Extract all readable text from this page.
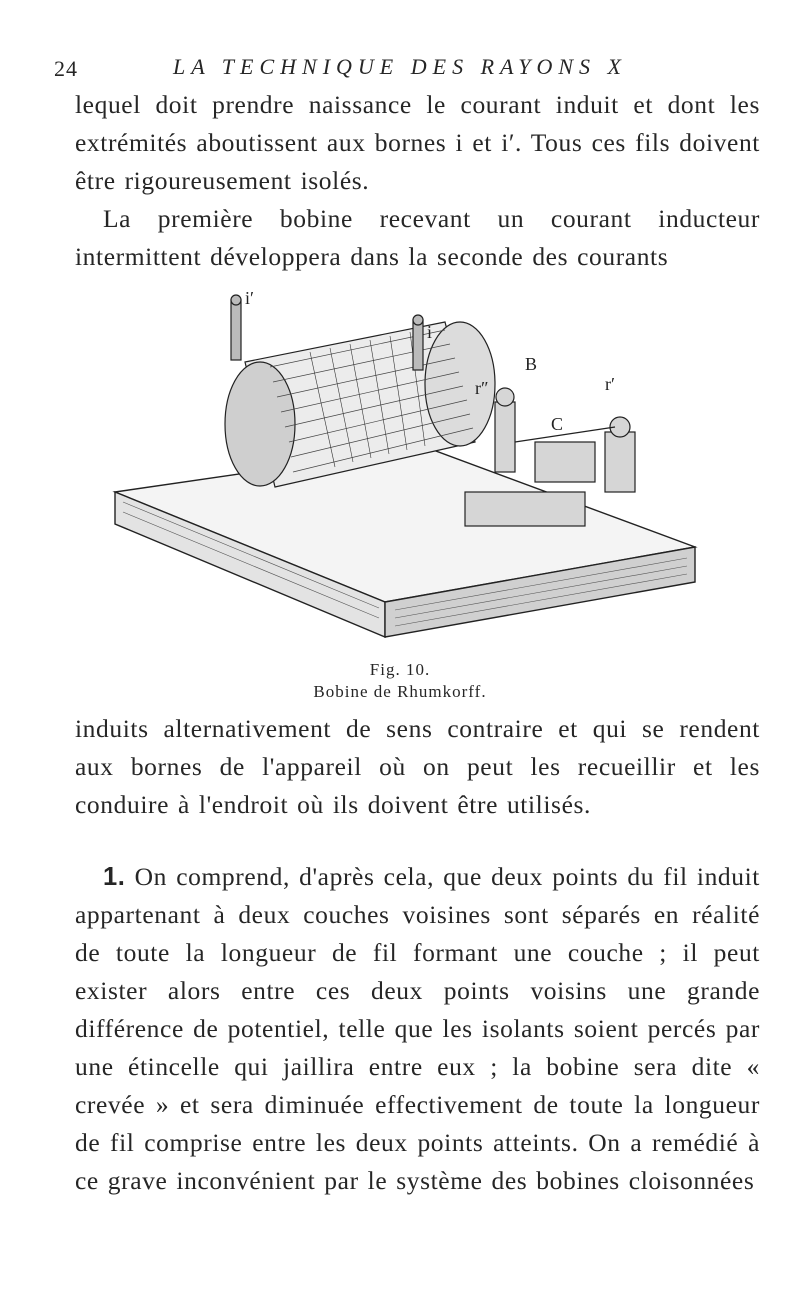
24	LA TECHNIQUE DES RAYONS X

lequel doit prendre naissance le courant induit et dont les extrémités aboutissent aux bornes i et i′. Tous ces fils doivent être rigoureusement isolés.
La première bobine recevant un courant inducteur intermittent développera dans la seconde des courants

i′
i
r″
B
r′
C
Fig. 10.
Bobine de Rhumkorff.

induits alternativement de sens contraire et qui se rendent aux bornes de l'appareil où on peut les recueillir et les conduire à l'endroit où ils doivent être utilisés.

1. On comprend, d'après cela, que deux points du fil induit appartenant à deux couches voisines sont séparés en réalité de toute la longueur de fil formant une couche ; il peut exister alors entre ces deux points voisins une grande différence de potentiel, telle que les isolants soient percés par une étincelle qui jaillira entre eux ; la bobine sera dite « crevée » et sera diminuée effectivement de toute la longueur de fil comprise entre les deux points atteints. On a remédié à ce grave inconvénient par le système des bobines cloisonnées
